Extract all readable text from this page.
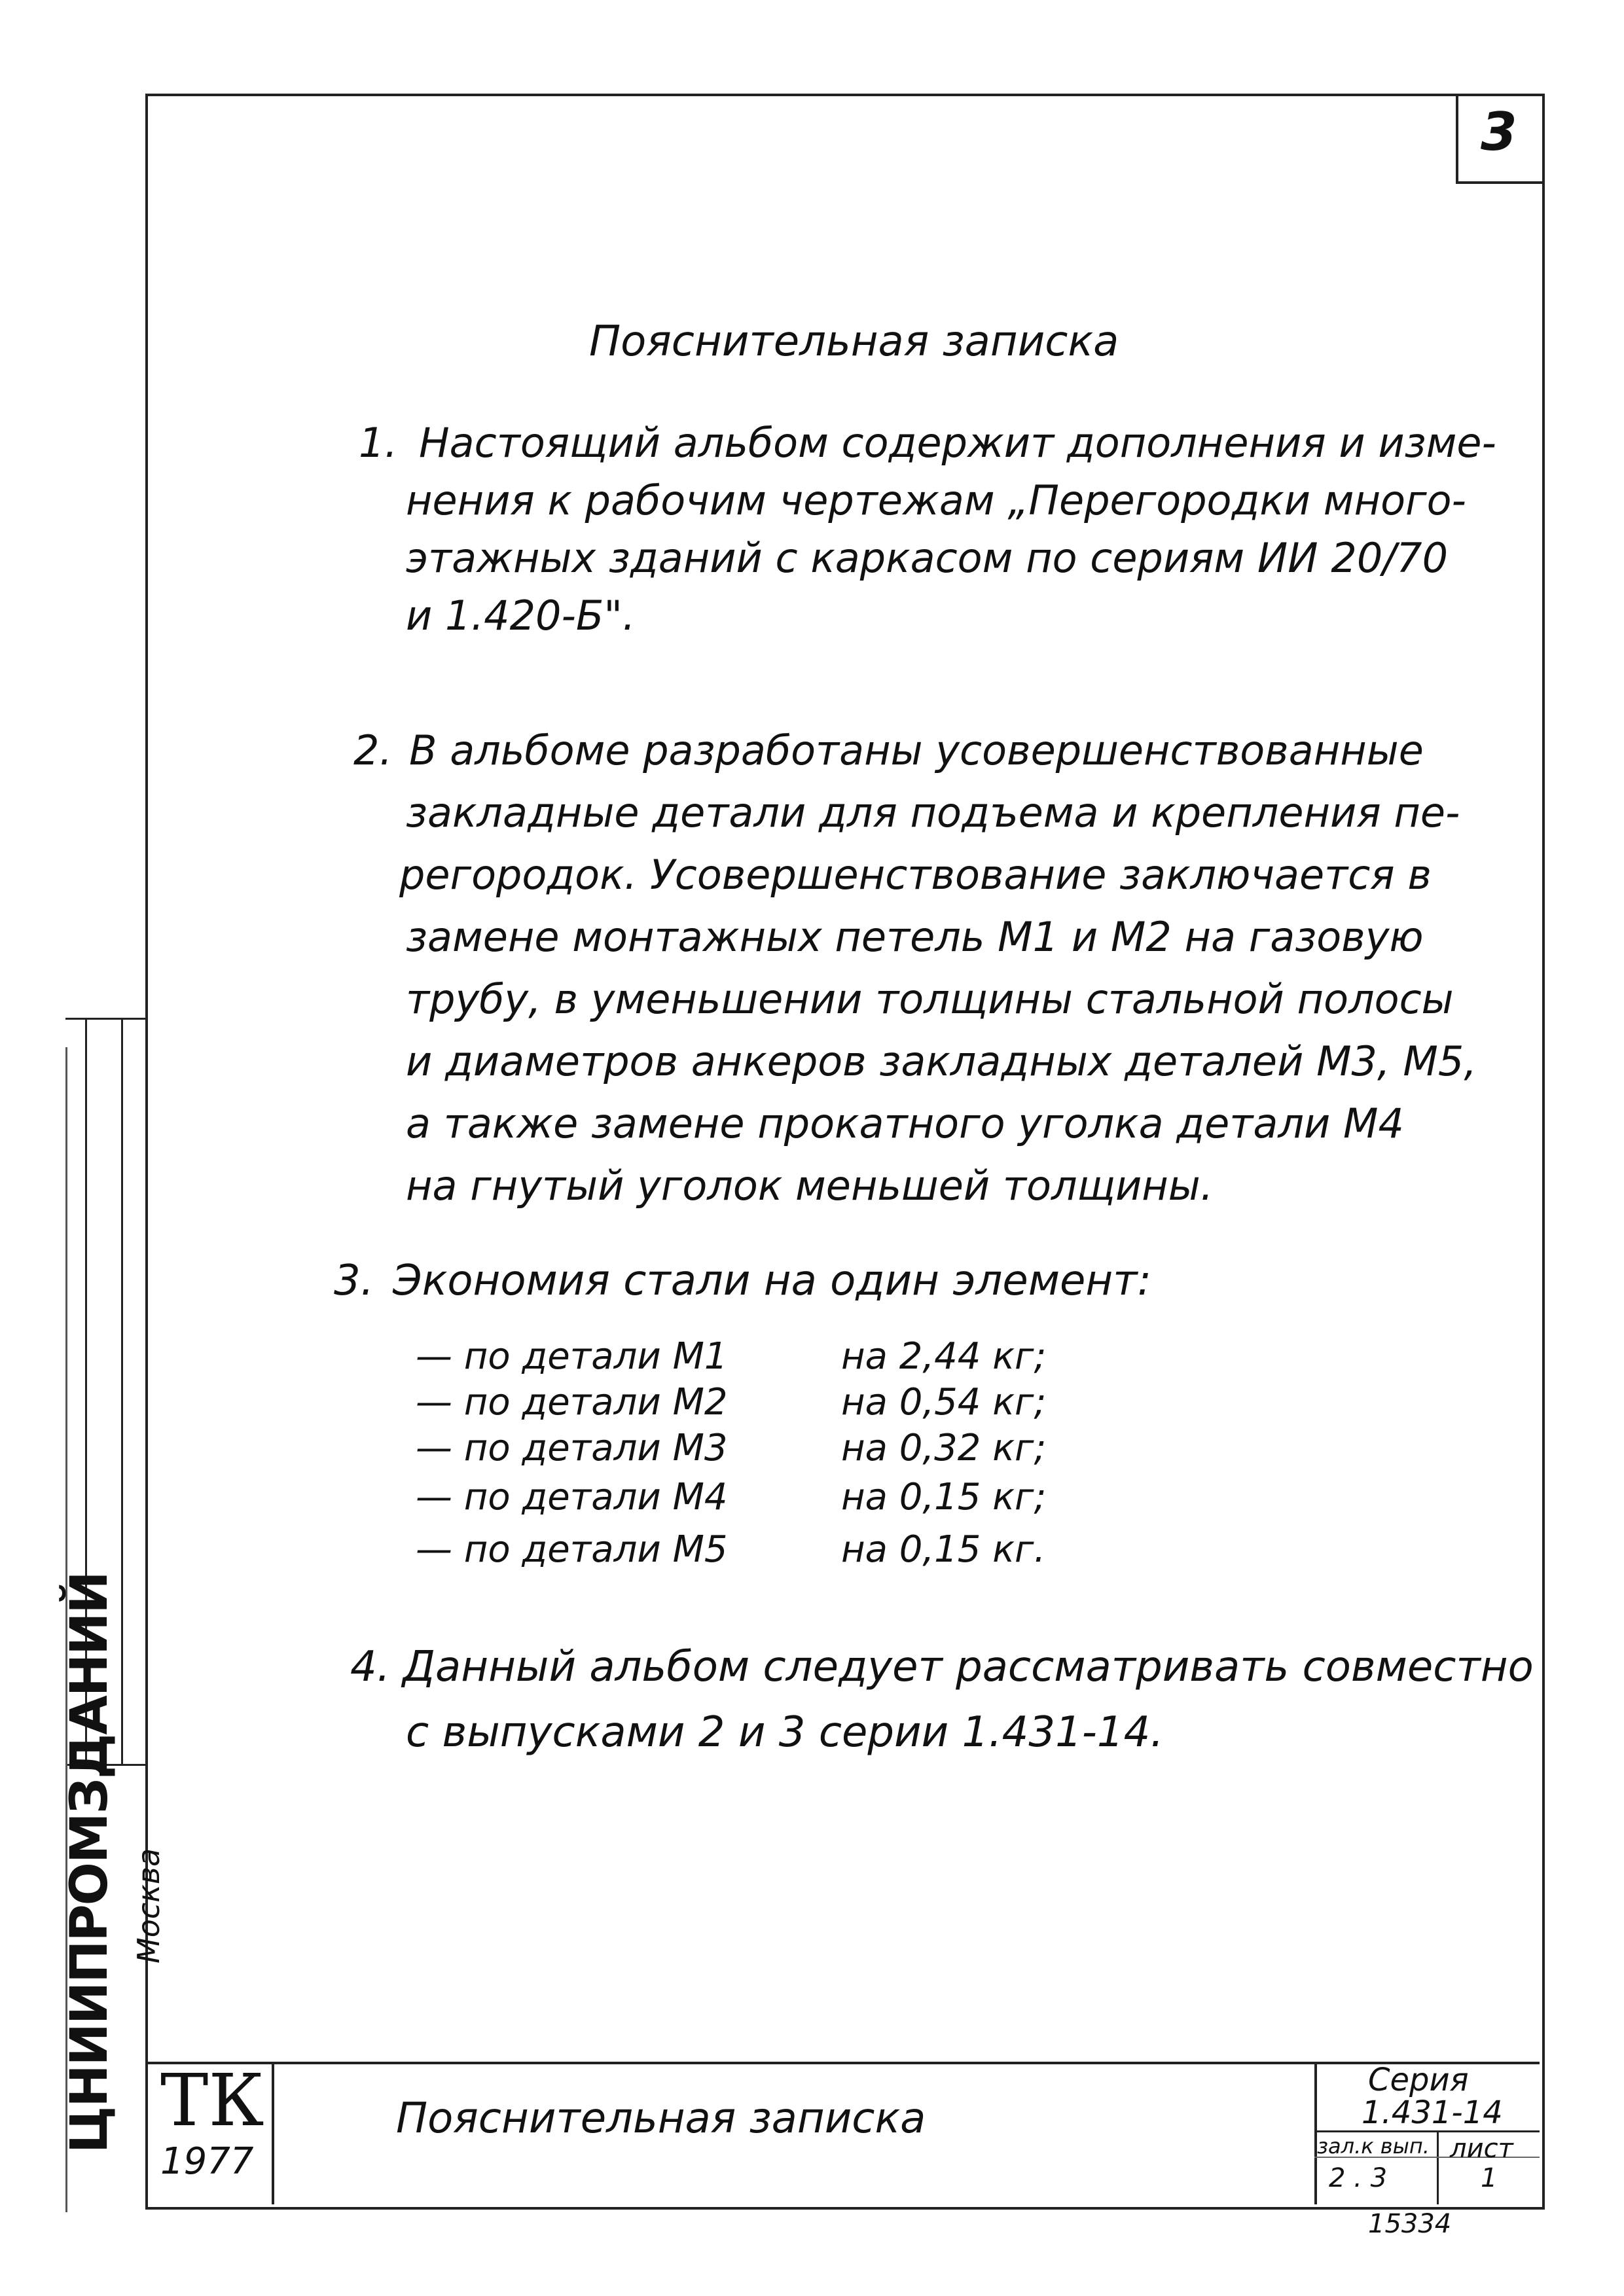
3
Пояснительная записка
1. Настоящий альбом содержит дополнения и изме-
нения к рабочим чертежам „Перегородки много-
этажных зданий с каркасом по сериям ИИ 20/70
и 1.420-Б".
2. В альбоме разработаны усовершенствованные
закладные детали для подъема и крепления пе-
регородок. Усовершенствование заключается в
замене монтажных петель М1 и М2 на газовую
трубу, в уменьшении толщины стальной полосы
и диаметров анкеров закладных деталей М3, М5,
а также замене прокатного уголка детали М4
на гнутый уголок меньшей толщины.
3. Экономия стали на один элемент:
— по детали М1	на 2,44 кг;
— по детали М2	на 0,54 кг;
— по детали М3	на 0,32 кг;
— по детали М4	на 0,15 кг;
— по детали М5	на 0,15 кг.
4. Данный альбом следует рассматривать совместно
с выпусками 2 и 3 серии 1.431-14.
ЦНИИПРОМЗДАНИЙ Москва
ТК
1977
Пояснительная записка
Серия
1.431-14
зал.к вып.
2 . 3
лист
1
15334
